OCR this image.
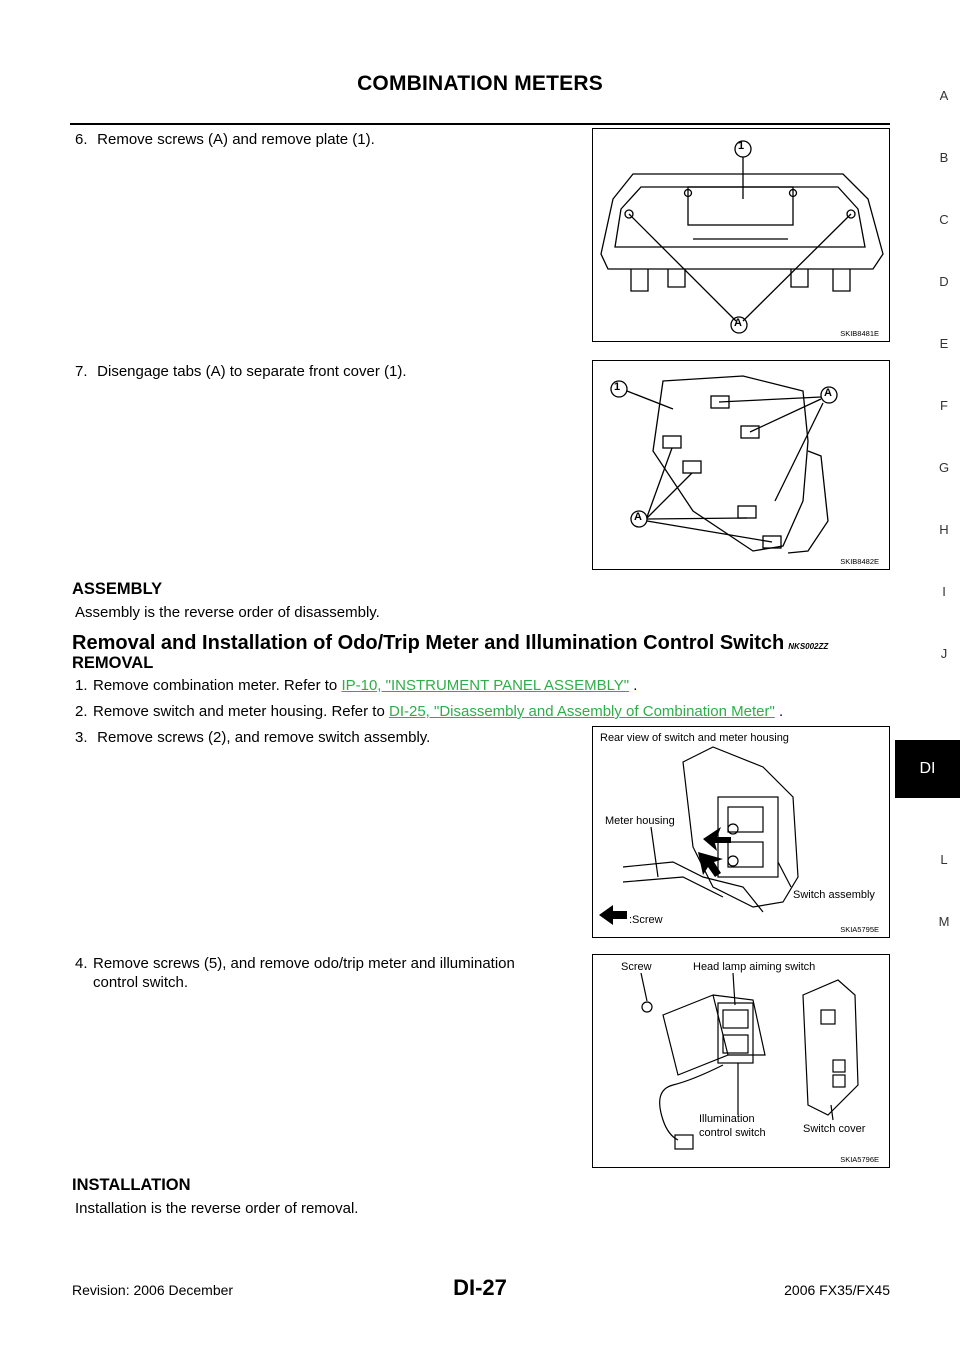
COMBINATION METERS
A
B
C
D
E
F
G
H
I
J
DI
L
M
6. Remove screws (A) and remove plate (1).	1
A
SKIB8481E
7. Disengage tabs (A) to separate front cover (1).
1	A
A
SKIB8482E
ASSEMBLY
Assembly is the reverse order of disassembly.
Removal and Installation of Odo/Trip Meter and Illumination Control Switch NKS002ZZ
REMOVAL
1. Remove combination meter. Refer to IP-10, "INSTRUMENT PANEL ASSEMBLY" .
2. Remove switch and meter housing. Refer to DI-25, "Disassembly and Assembly of Combination Meter" .
3. Remove screws (2), and remove switch assembly.	Rear view of switch and meter housing
Meter housing
Switch assembly
:Screw
SKIA5795E
4. Remove screws (5), and remove odo/trip meter and illumination
control switch.
Screw	Head lamp aiming switch
Illumination
control switch	Switch cover
SKIA5796E
INSTALLATION
Installation is the reverse order of removal.
Revision: 2006 December	DI-27	2006 FX35/FX45
